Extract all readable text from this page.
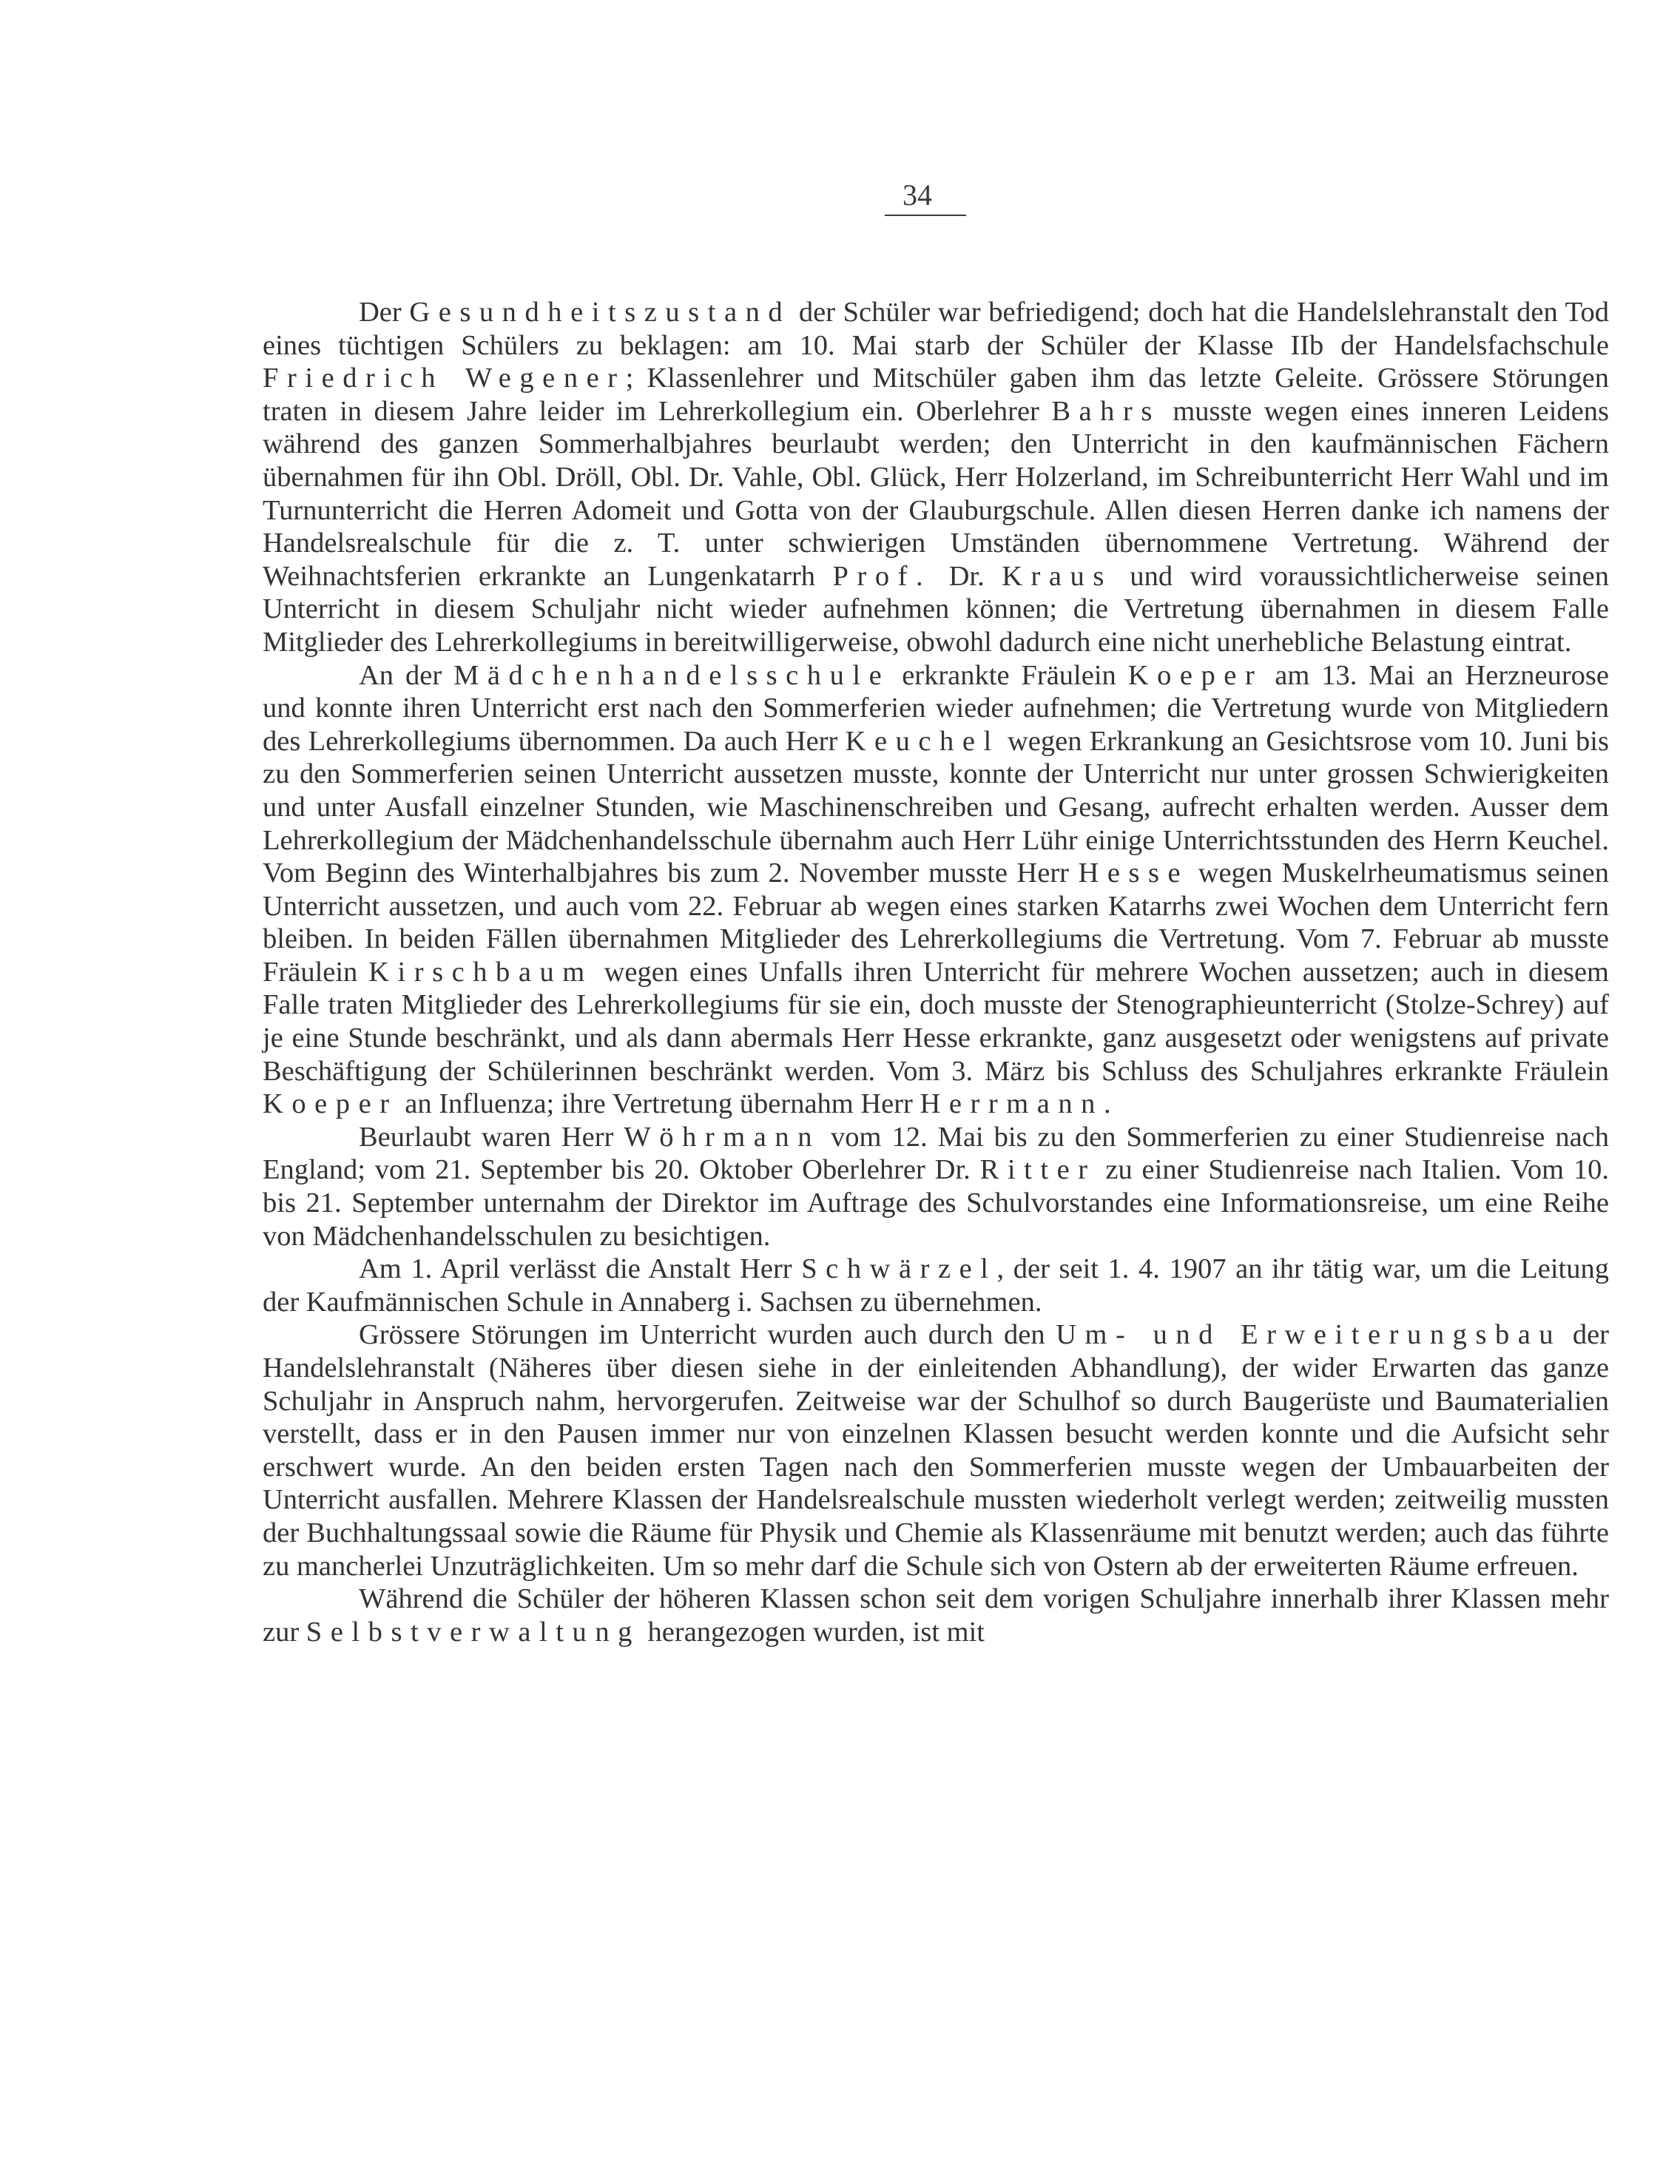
34

Der Gesundheitszustand der Schüler war befriedigend; doch hat die Handelslehranstalt den Tod eines tüchtigen Schülers zu beklagen: am 10. Mai starb der Schüler der Klasse IIb der Handelsfachschule Friedrich Wegener; Klassenlehrer und Mitschüler gaben ihm das letzte Geleite. Grössere Störungen traten in diesem Jahre leider im Lehrerkollegium ein. Oberlehrer Bahrs musste wegen eines inneren Leidens während des ganzen Sommerhalbjahres beurlaubt werden; den Unterricht in den kaufmännischen Fächern übernahmen für ihn Obl. Dröll, Obl. Dr. Vahle, Obl. Glück, Herr Holzerland, im Schreibunterricht Herr Wahl und im Turnunterricht die Herren Adomeit und Gotta von der Glauburgschule. Allen diesen Herren danke ich namens der Handelsrealschule für die z. T. unter schwierigen Umständen übernommene Vertretung. Während der Weihnachtsferien erkrankte an Lungenkatarrh Prof. Dr. Kraus und wird voraussichtlicherweise seinen Unterricht in diesem Schuljahr nicht wieder aufnehmen können; die Vertretung übernahmen in diesem Falle Mitglieder des Lehrerkollegiums in bereitwilligerweise, obwohl dadurch eine nicht unerhebliche Belastung eintrat.

An der Mädchenhandelsschule erkrankte Fräulein Koeper am 13. Mai an Herzneurose und konnte ihren Unterricht erst nach den Sommerferien wieder aufnehmen; die Vertretung wurde von Mitgliedern des Lehrerkollegiums übernommen. Da auch Herr Keuchel wegen Erkrankung an Gesichtsrose vom 10. Juni bis zu den Sommerferien seinen Unterricht aussetzen musste, konnte der Unterricht nur unter grossen Schwierigkeiten und unter Ausfall einzelner Stunden, wie Maschinenschreiben und Gesang, aufrecht erhalten werden. Ausser dem Lehrerkollegium der Mädchenhandelsschule übernahm auch Herr Lühr einige Unterrichtsstunden des Herrn Keuchel. Vom Beginn des Winterhalbjahres bis zum 2. November musste Herr Hesse wegen Muskelrheumatismus seinen Unterricht aussetzen, und auch vom 22. Februar ab wegen eines starken Katarrhs zwei Wochen dem Unterricht fern bleiben. In beiden Fällen übernahmen Mitglieder des Lehrerkollegiums die Vertretung. Vom 7. Februar ab musste Fräulein Kirschbaum wegen eines Unfalls ihren Unterricht für mehrere Wochen aussetzen; auch in diesem Falle traten Mitglieder des Lehrerkollegiums für sie ein, doch musste der Stenographieunterricht (Stolze-Schrey) auf je eine Stunde beschränkt, und als dann abermals Herr Hesse erkrankte, ganz ausgesetzt oder wenigstens auf private Beschäftigung der Schülerinnen beschränkt werden. Vom 3. März bis Schluss des Schuljahres erkrankte Fräulein Koeper an Influenza; ihre Vertretung übernahm Herr Herrmann.

Beurlaubt waren Herr Wöhrmann vom 12. Mai bis zu den Sommerferien zu einer Studienreise nach England; vom 21. September bis 20. Oktober Oberlehrer Dr. Ritter zu einer Studienreise nach Italien. Vom 10. bis 21. September unternahm der Direktor im Auftrage des Schulvorstandes eine Informationsreise, um eine Reihe von Mädchenhandelsschulen zu besichtigen.

Am 1. April verlässt die Anstalt Herr Schwärzel, der seit 1. 4. 1907 an ihr tätig war, um die Leitung der Kaufmännischen Schule in Annaberg i. Sachsen zu übernehmen.

Grössere Störungen im Unterricht wurden auch durch den Um- und Erweiterungsbau der Handelslehranstalt (Näheres über diesen siehe in der einleitenden Abhandlung), der wider Erwarten das ganze Schuljahr in Anspruch nahm, hervorgerufen. Zeitweise war der Schulhof so durch Baugerüste und Baumaterialien verstellt, dass er in den Pausen immer nur von einzelnen Klassen besucht werden konnte und die Aufsicht sehr erschwert wurde. An den beiden ersten Tagen nach den Sommerferien musste wegen der Umbauarbeiten der Unterricht ausfallen. Mehrere Klassen der Handelsrealschule mussten wiederholt verlegt werden; zeitweilig mussten der Buchhaltungssaal sowie die Räume für Physik und Chemie als Klassenräume mit benutzt werden; auch das führte zu mancherlei Unzuträglichkeiten. Um so mehr darf die Schule sich von Ostern ab der erweiterten Räume erfreuen.

Während die Schüler der höheren Klassen schon seit dem vorigen Schuljahre innerhalb ihrer Klassen mehr zur Selbstverwaltung herangezogen wurden, ist mit
